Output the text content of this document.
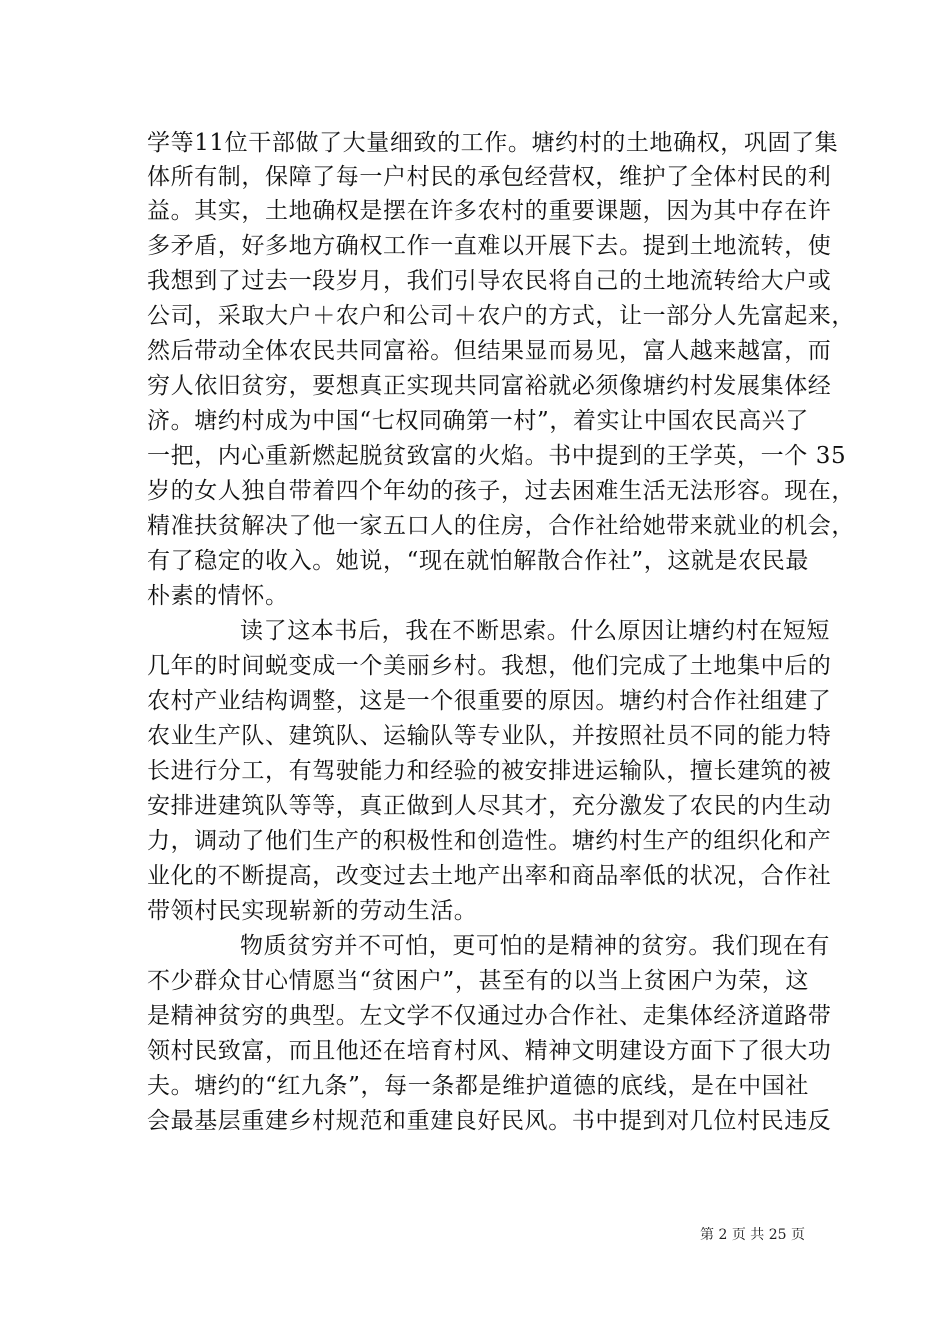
学等11位干部做了大量细致的工作。塘约村的土地确权，巩固了集
体所有制，保障了每一户村民的承包经营权，维护了全体村民的利
益。其实，土地确权是摆在许多农村的重要课题，因为其中存在许
多矛盾，好多地方确权工作一直难以开展下去。提到土地流转，使
我想到了过去一段岁月，我们引导农民将自己的土地流转给大户或
公司，采取大户＋农户和公司＋农户的方式，让一部分人先富起来，
然后带动全体农民共同富裕。但结果显而易见，富人越来越富，而
穷人依旧贫穷，要想真正实现共同富裕就必须像塘约村发展集体经
济。塘约村成为中国“七权同确第一村”，着实让中国农民高兴了
一把，内心重新燃起脱贫致富的火焰。书中提到的王学英，一个 35
岁的女人独自带着四个年幼的孩子，过去困难生活无法形容。现在，
精准扶贫解决了他一家五口人的住房，合作社给她带来就业的机会，
有了稳定的收入。她说，“现在就怕解散合作社”，这就是农民最
朴素的情怀。
读了这本书后，我在不断思索。什么原因让塘约村在短短
几年的时间蜕变成一个美丽乡村。我想，他们完成了土地集中后的
农村产业结构调整，这是一个很重要的原因。塘约村合作社组建了
农业生产队、建筑队、运输队等专业队，并按照社员不同的能力特
长进行分工，有驾驶能力和经验的被安排进运输队，擅长建筑的被
安排进建筑队等等，真正做到人尽其才，充分激发了农民的内生动
力，调动了他们生产的积极性和创造性。塘约村生产的组织化和产
业化的不断提高，改变过去土地产出率和商品率低的状况，合作社
带领村民实现崭新的劳动生活。
物质贫穷并不可怕，更可怕的是精神的贫穷。我们现在有
不少群众甘心情愿当“贫困户”，甚至有的以当上贫困户为荣，这
是精神贫穷的典型。左文学不仅通过办合作社、走集体经济道路带
领村民致富，而且他还在培育村风、精神文明建设方面下了很大功
夫。塘约的“红九条”，每一条都是维护道德的底线，是在中国社
会最基层重建乡村规范和重建良好民风。书中提到对几位村民违反
第 2 页 共 25 页
